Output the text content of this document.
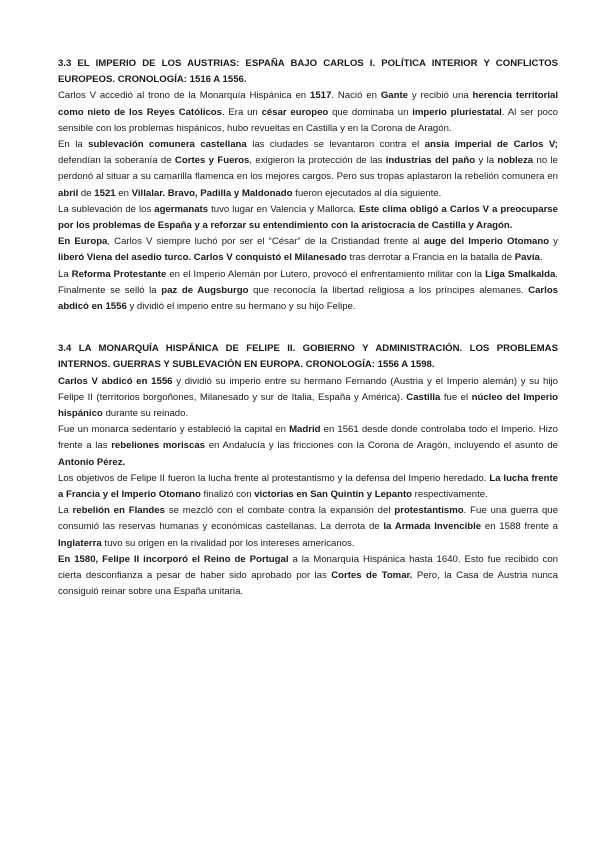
3.3 EL IMPERIO DE LOS AUSTRIAS: ESPAÑA BAJO CARLOS I. POLÍTICA INTERIOR Y CONFLICTOS EUROPEOS. CRONOLOGÍA: 1516 A 1556.

Carlos V accedió al trono de la Monarquía Hispánica en 1517. Nació en Gante y recibió una herencia territorial como nieto de los Reyes Católicos. Era un césar europeo que dominaba un imperio pluriestatal. Al ser poco sensible con los problemas hispánicos, hubo revueltas en Castilla y en la Corona de Aragón.

En la sublevación comunera castellana las ciudades se levantaron contra el ansia imperial de Carlos V; defendían la soberanía de Cortes y Fueros, exigieron la protección de las industrias del paño y la nobleza no le perdonó al situar a su camarilla flamenca en los mejores cargos. Pero sus tropas aplastaron la rebelión comunera en abril de 1521 en Villalar. Bravo, Padilla y Maldonado fueron ejecutados al día siguiente.

La sublevación de los agermanats tuvo lugar en Valencia y Mallorca. Este clima obligó a Carlos V a preocuparse por los problemas de España y a reforzar su entendimiento con la aristocracia de Castilla y Aragón.

En Europa, Carlos V siempre luchó por ser el “César” de la Cristiandad frente al auge del Imperio Otomano y liberó Viena del asedio turco. Carlos V conquistó el Milanesado tras derrotar a Francia en la batalla de Pavía.

La Reforma Protestante en el Imperio Alemán por Lutero, provocó el enfrentamiento militar con la Liga Smalkalda. Finalmente se selló la paz de Augsburgo que reconocía la libertad religiosa a los príncipes alemanes. Carlos abdicó en 1556 y dividió el imperio entre su hermano y su hijo Felipe.

3.4 LA MONARQUÍA HISPÁNICA DE FELIPE II. GOBIERNO Y ADMINISTRACIÓN. LOS PROBLEMAS INTERNOS. GUERRAS Y SUBLEVACIÓN EN EUROPA. CRONOLOGÍA: 1556 A 1598.

Carlos V abdicó en 1556 y dividió su imperio entre su hermano Fernando (Austria y el Imperio alemán) y su hijo Felipe II (territorios borgoñones, Milanesado y sur de Italia, España y América). Castilla fue el núcleo del Imperio hispánico durante su reinado.

Fue un monarca sedentario y estableció la capital en Madrid en 1561 desde donde controlaba todo el Imperio. Hizo frente a las rebeliones moriscas en Andalucía y las fricciones con la Corona de Aragón, incluyendo el asunto de Antonio Pérez.

Los objetivos de Felipe II fueron la lucha frente al protestantismo y la defensa del Imperio heredado. La lucha frente a Francia y el Imperio Otomano finalizó con victorias en San Quintín y Lepanto respectivamente.

La rebelión en Flandes se mezcló con el combate contra la expansión del protestantismo. Fue una guerra que consumió las reservas humanas y económicas castellanas. La derrota de la Armada Invencible en 1588 frente a Inglaterra tuvo su origen en la rivalidad por los intereses americanos.

En 1580, Felipe II incorporó el Reino de Portugal a la Monarquía Hispánica hasta 1640. Esto fue recibido con cierta desconfianza a pesar de haber sido aprobado por las Cortes de Tomar. Pero, la Casa de Austria nunca consiguió reinar sobre una España unitaria.
